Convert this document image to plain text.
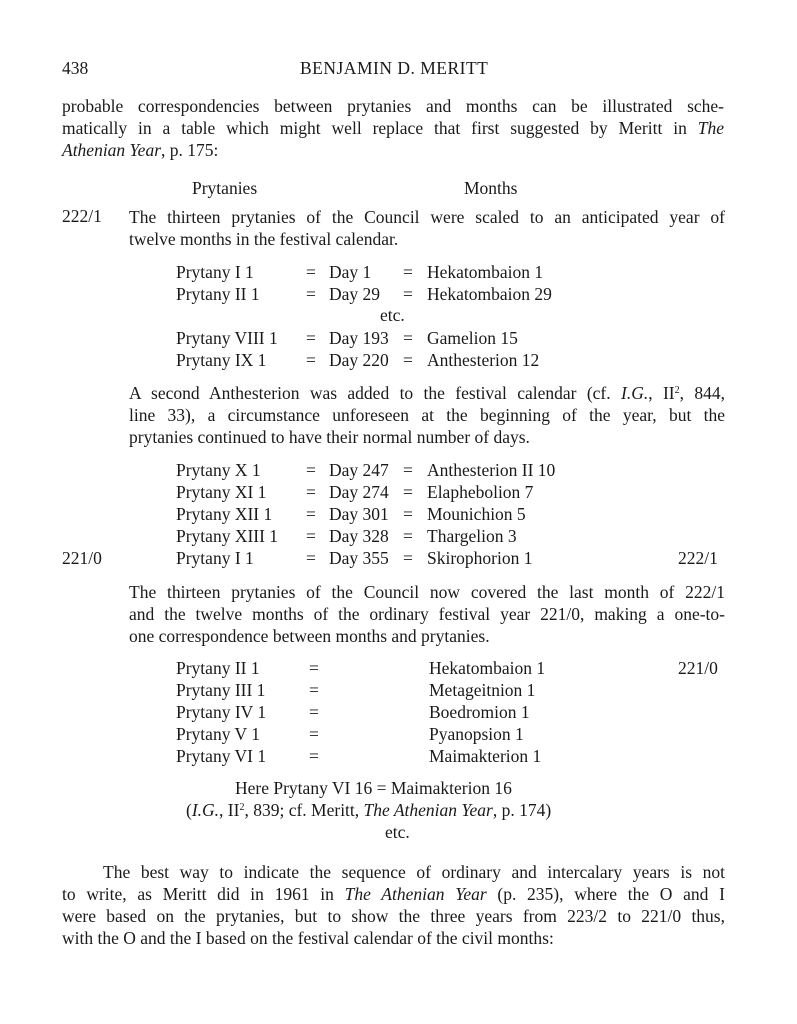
438	BENJAMIN D. MERITT
probable correspondencies between prytanies and months can be illustrated sche-
matically in a table which might well replace that first suggested by Meritt in The
Athenian Year, p. 175:
Prytanies	Months
222/1 The thirteen prytanies of the Council were scaled to an anticipated year of
twelve months in the festival calendar.
Prytany I 1	= Day 1 = Hekatombaion 1
Prytany II 1	= Day 29 = Hekatombaion 29
etc.
Prytany VIII 1 = Day 193 = Gamelion 15
Prytany IX 1 = Day 220 = Anthesterion 12
A second Anthesterion was added to the festival calendar (cf. I.G., $II^2$, 844,
line 33), a circumstance unforeseen at the beginning of the year, but the
prytanies continued to have their normal number of days.
Prytany X 1	= Day 247 = Anthesterion II 10
Prytany XI 1 = Day 274 = Elaphebolion 7
Prytany XII 1 = Day 301 = Mounichion 5
Prytany XIII 1 = Day 328 = Thargelion 3
221/0	Prytany I 1	= Day 355 = Skirophorion 1	222/1
The thirteen prytanies of the Council now covered the last month of 222/1
and the twelve months of the ordinary festival year 221/0, making a one-to-
one correspondence between months and prytanies.
Prytany II 1	=	Hekatombaion 1	221/0
Prytany III 1 =	Metageitnion 1
Prytany IV 1 =	Boedromion 1
Prytany V 1	=	Pyanopsion 1
Prytany VI 1 =	Maimakterion 1
Here Prytany VI 16 = Maimakterion 16
(I.G., $II^2$, 839; cf. Meritt, The Athenian Year, p. 174)
etc.
The best way to indicate the sequence of ordinary and intercalary years is not
to write, as Meritt did in 1961 in The Athenian Year (p. 235), where the O and I
were based on the prytanies, but to show the three years from 223/2 to 221/0 thus,
with the O and the I based on the festival calendar of the civil months:
